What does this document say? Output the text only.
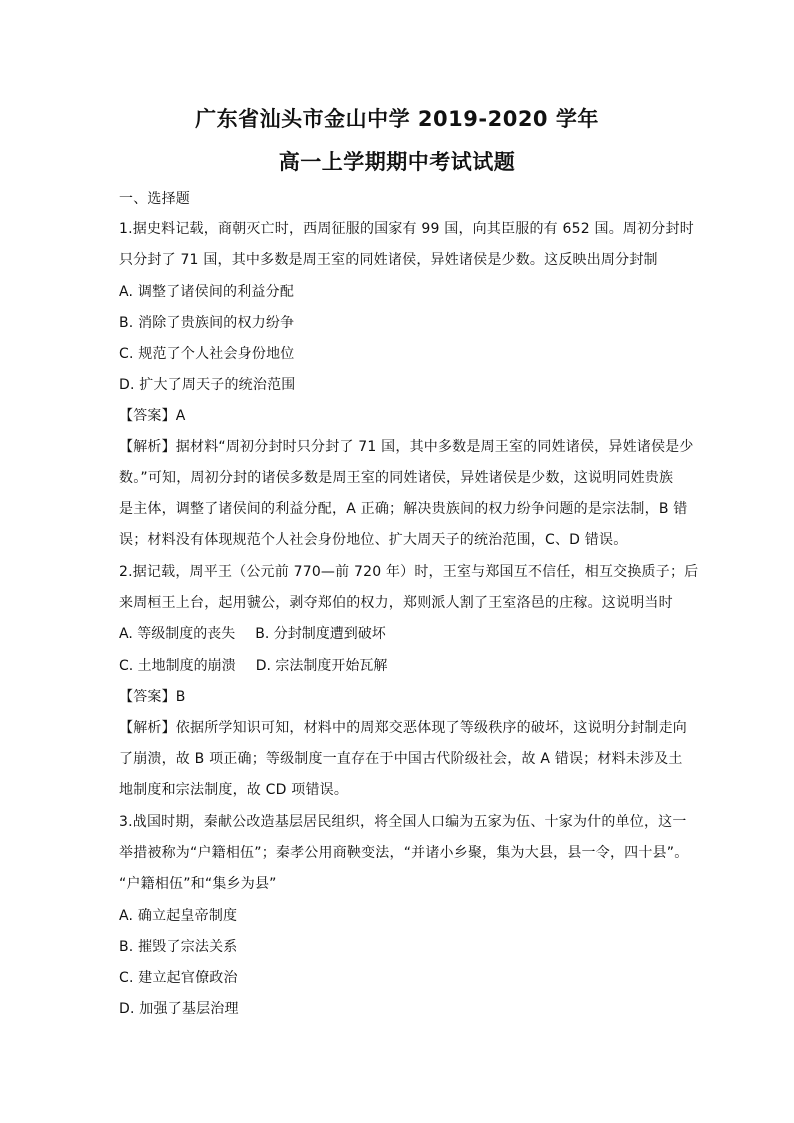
广东省汕头市金山中学 2019-2020 学年
高一上学期期中考试试题
一、选择题
1.据史料记载，商朝灭亡时，西周征服的国家有 99 国，向其臣服的有 652 国。周初分封时
只分封了 71 国，其中多数是周王室的同姓诸侯，异姓诸侯是少数。这反映出周分封制
A. 调整了诸侯间的利益分配
B. 消除了贵族间的权力纷争
C. 规范了个人社会身份地位
D. 扩大了周天子的统治范围
【答案】A
【解析】据材料“周初分封时只分封了 71 国，其中多数是周王室的同姓诸侯，异姓诸侯是少
数。”可知，周初分封的诸侯多数是周王室的同姓诸侯，异姓诸侯是少数，这说明同姓贵族
是主体，调整了诸侯间的利益分配，A 正确；解决贵族间的权力纷争问题的是宗法制，B 错
误；材料没有体现规范个人社会身份地位、扩大周天子的统治范围，C、D 错误。
2.据记载，周平王（公元前 770—前 720 年）时，王室与郑国互不信任，相互交换质子；后
来周桓王上台，起用虢公，剥夺郑伯的权力，郑则派人割了王室洛邑的庄稼。这说明当时
A. 等级制度的丧失 B. 分封制度遭到破坏
C. 土地制度的崩溃 D. 宗法制度开始瓦解
【答案】B
【解析】依据所学知识可知，材料中的周郑交恶体现了等级秩序的破坏，这说明分封制走向
了崩溃，故 B 项正确；等级制度一直存在于中国古代阶级社会，故 A 错误；材料未涉及土
地制度和宗法制度，故 CD 项错误。
3.战国时期，秦献公改造基层居民组织，将全国人口编为五家为伍、十家为什的单位，这一
举措被称为“户籍相伍”；秦孝公用商鞅变法，“并诸小乡聚，集为大县，县一令，四十县”。
“户籍相伍”和“集乡为县”
A. 确立起皇帝制度
B. 摧毁了宗法关系
C. 建立起官僚政治
D. 加强了基层治理
